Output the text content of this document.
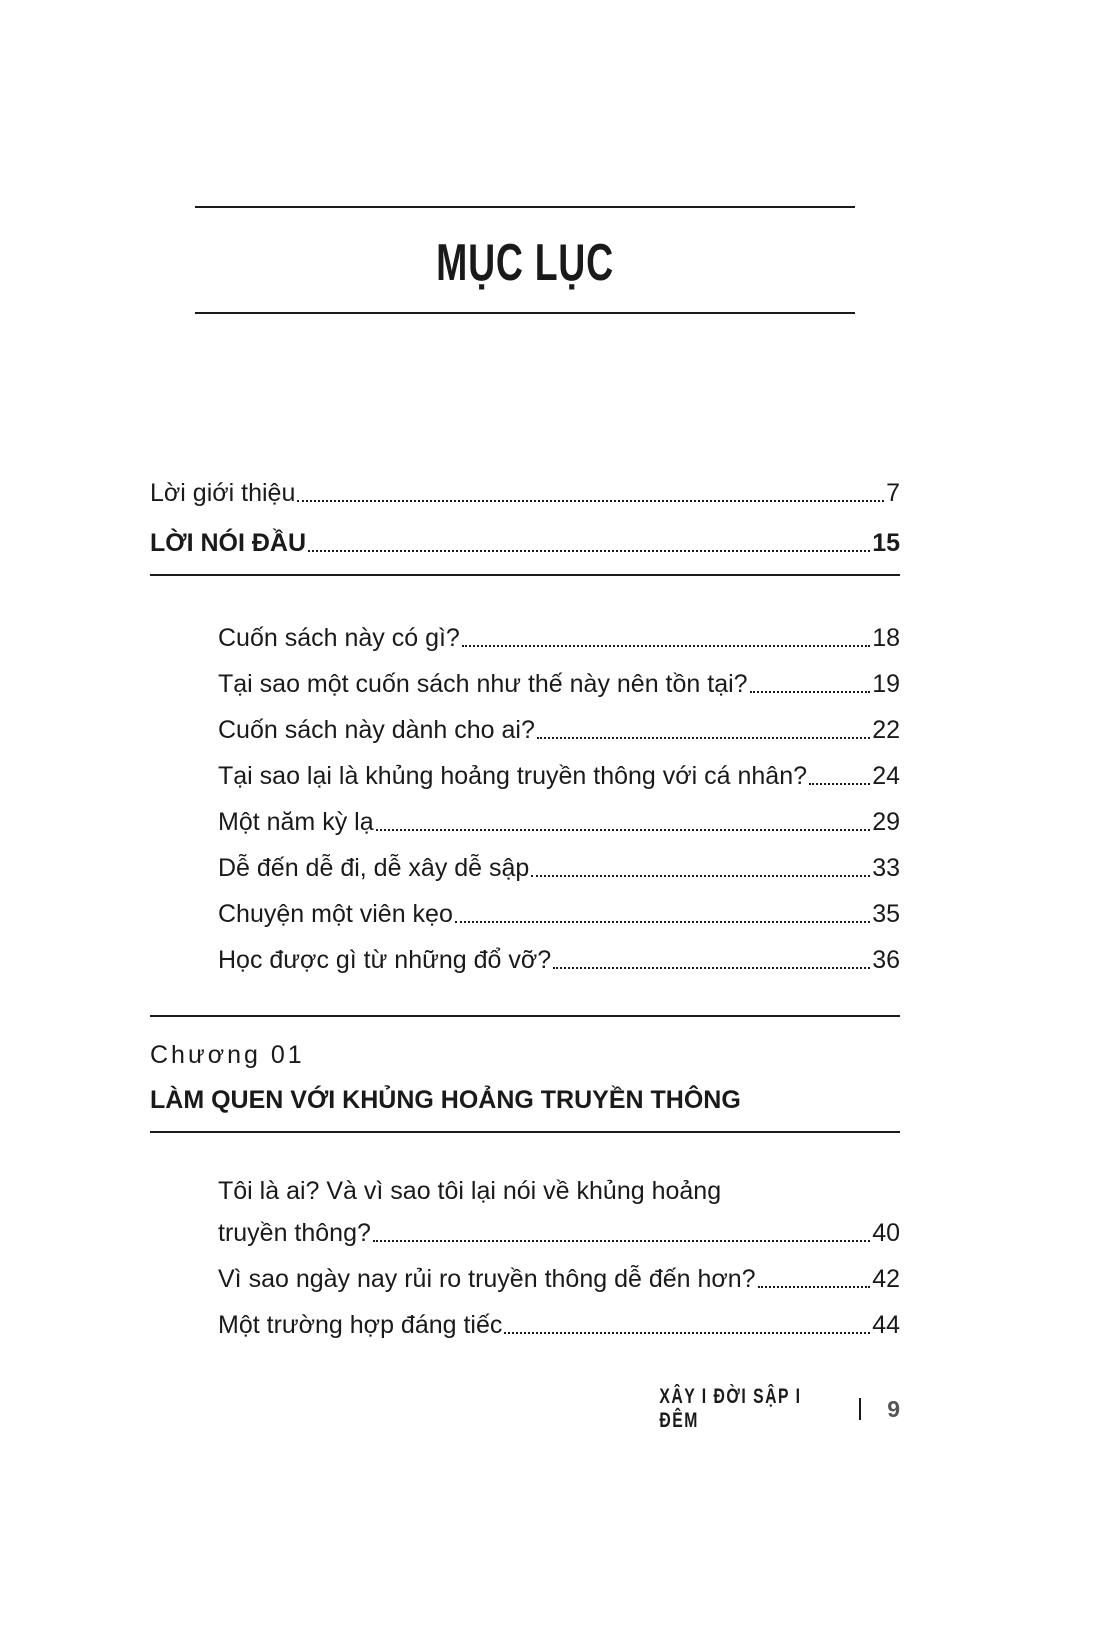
MỤC LỤC
Lời giới thiệu	7
LỜI NÓI ĐẦU	15
Cuốn sách này có gì?	18
Tại sao một cuốn sách như thế này nên tồn tại?	19
Cuốn sách này dành cho ai?	22
Tại sao lại là khủng hoảng truyền thông với cá nhân?	24
Một năm kỳ lạ	29
Dễ đến dễ đi, dễ xây dễ sập	33
Chuyện một viên kẹo	35
Học được gì từ những đổ vỡ?	36
Chương 01
LÀM QUEN VỚI KHỦNG HOẢNG TRUYỀN THÔNG
Tôi là ai? Và vì sao tôi lại nói về khủng hoảng
truyền thông?	40
Vì sao ngày nay rủi ro truyền thông dễ đến hơn?	42
Một trường hợp đáng tiếc	44
XÂY I ĐỜI SẬP I ĐÊM	9
